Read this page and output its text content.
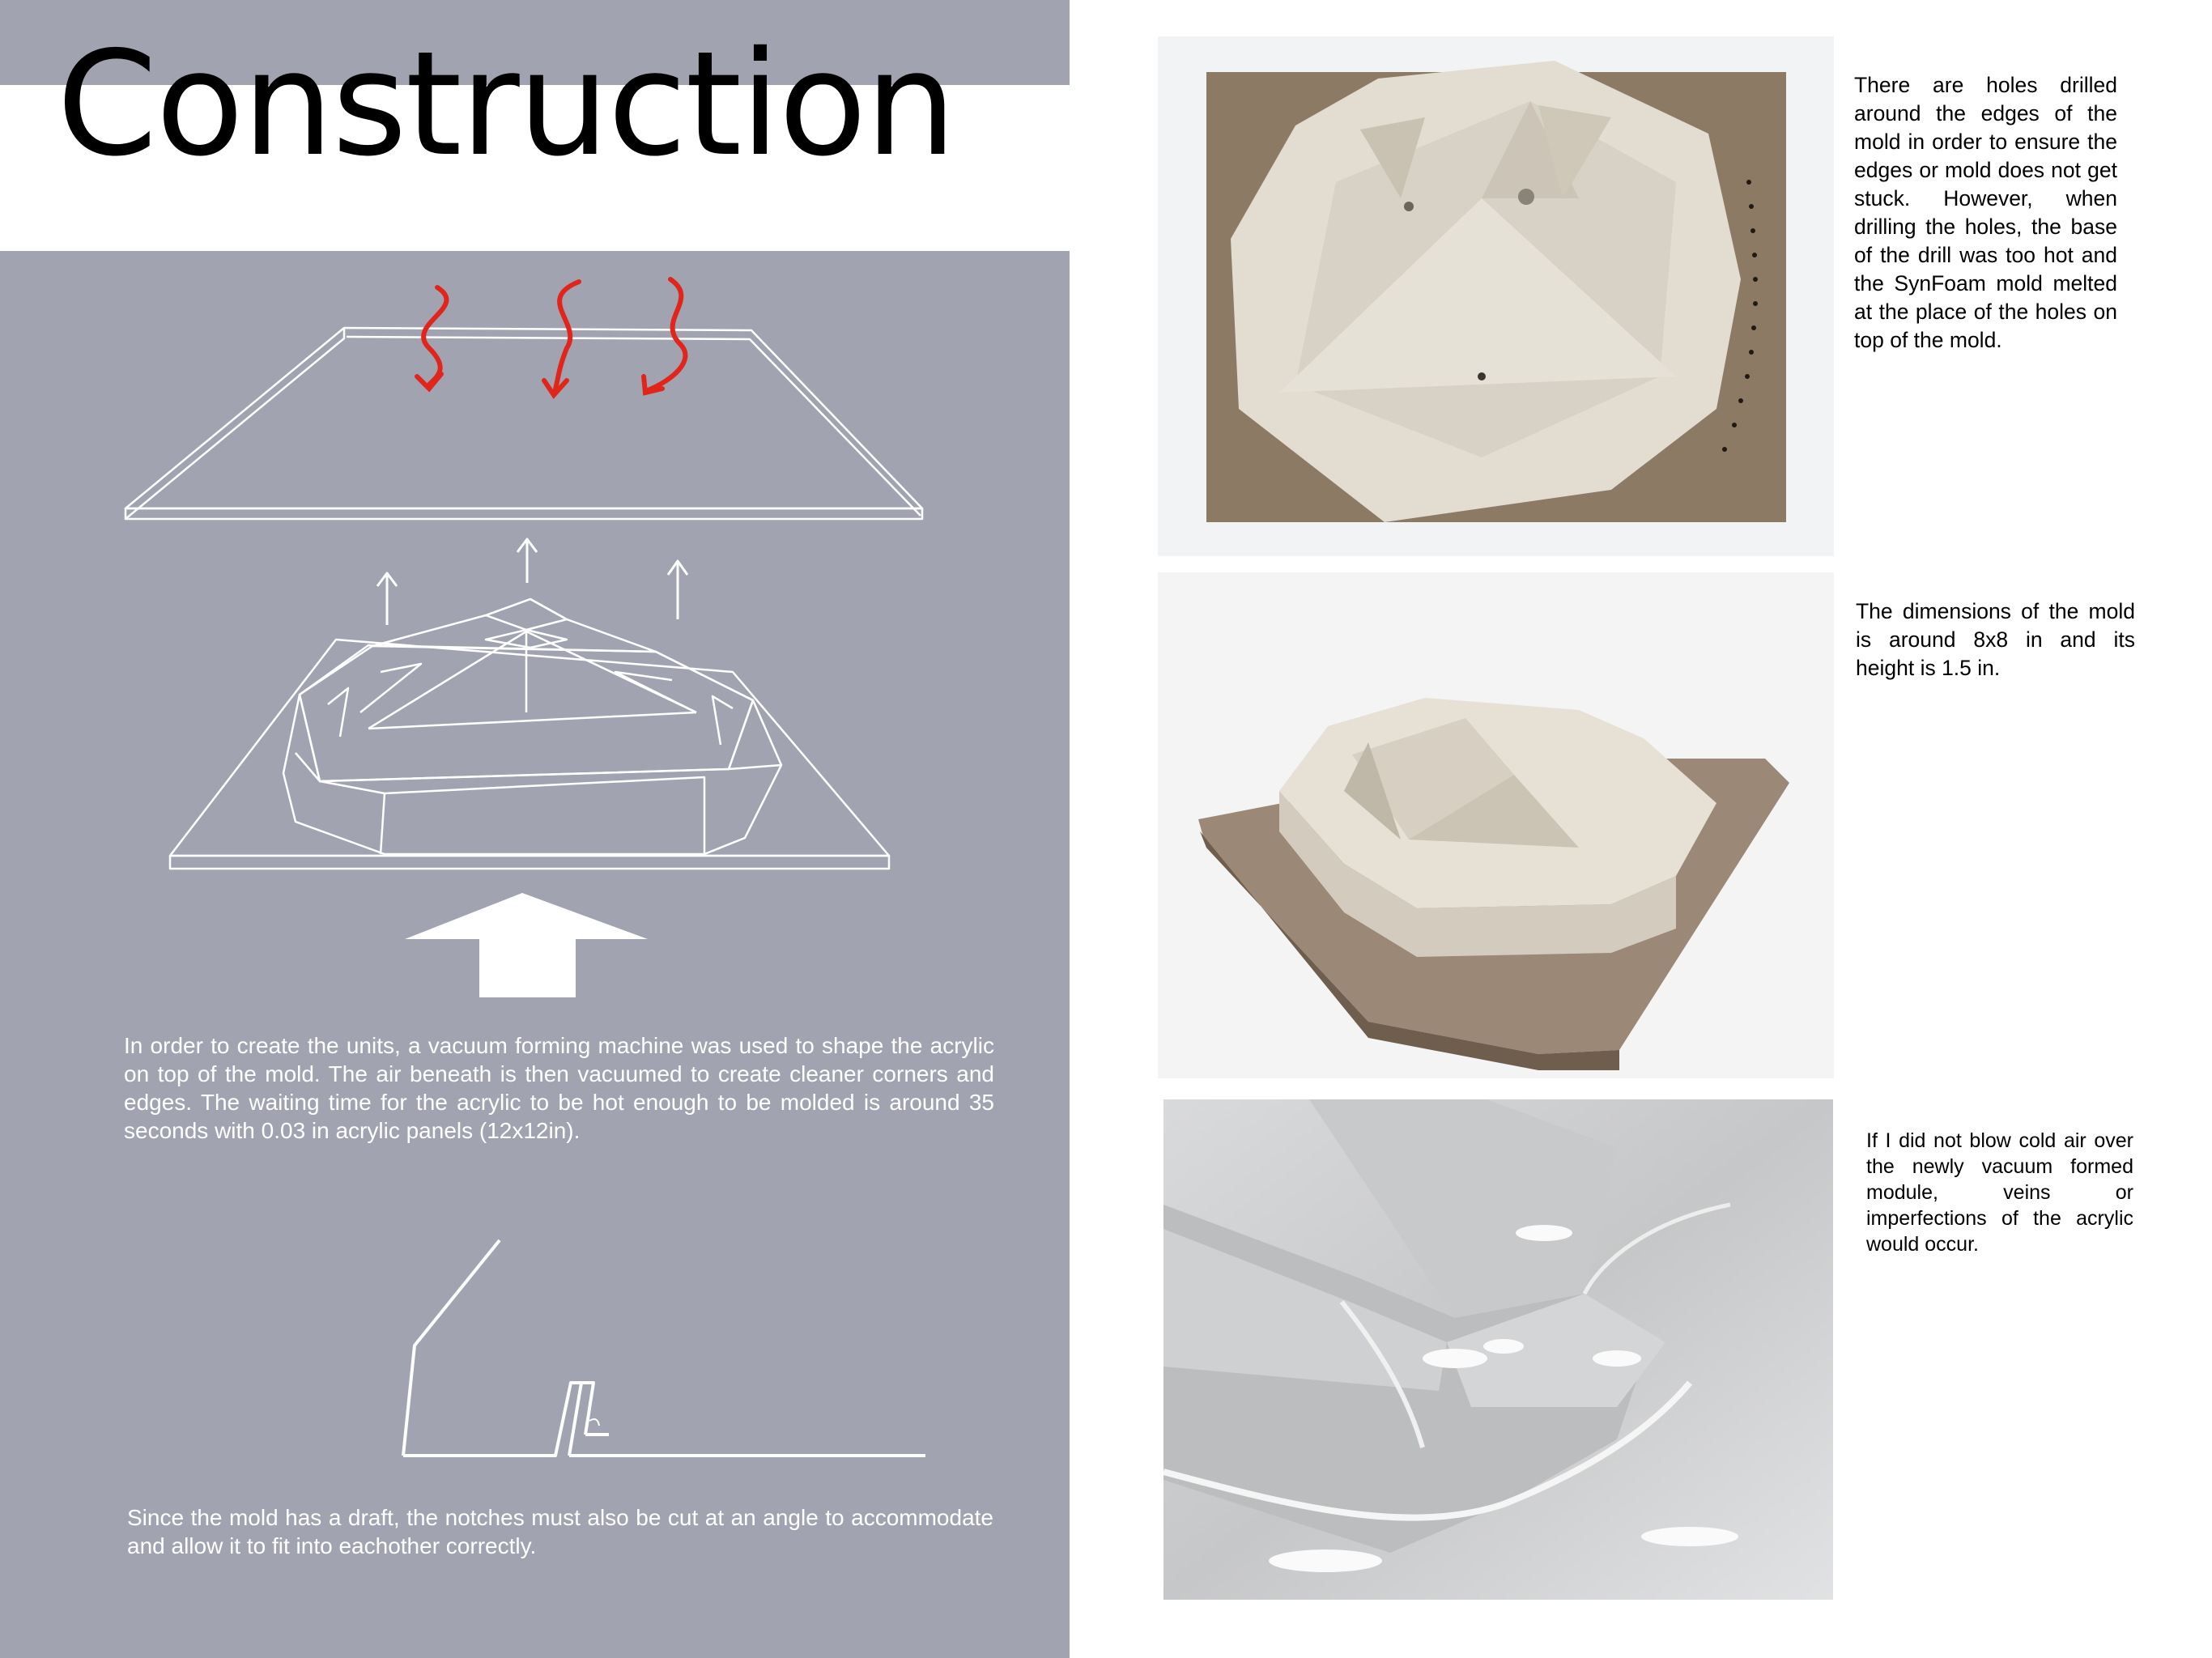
Construction

In order to create the units, a vacuum forming machine was used to shape the acrylic on top of the mold. The air beneath is then vacuumed to create cleaner corners and edges. The waiting time for the acrylic to be hot enough to be molded is around 35 seconds with 0.03 in acrylic panels (12x12in).

Since the mold has a draft, the notches must also be cut at an angle to accommodate and allow it to fit into eachother correctly.

There are holes drilled around the edges of the mold in order to ensure the edges or mold does not get stuck. However, when drilling the holes, the base of the drill was too hot and the SynFoam mold melted at the place of the holes on top of the mold.

The dimensions of the mold is around 8x8 in and its height is 1.5 in.

If I did not blow cold air over the newly vacuum formed module, veins or imperfections of the acrylic would occur.
